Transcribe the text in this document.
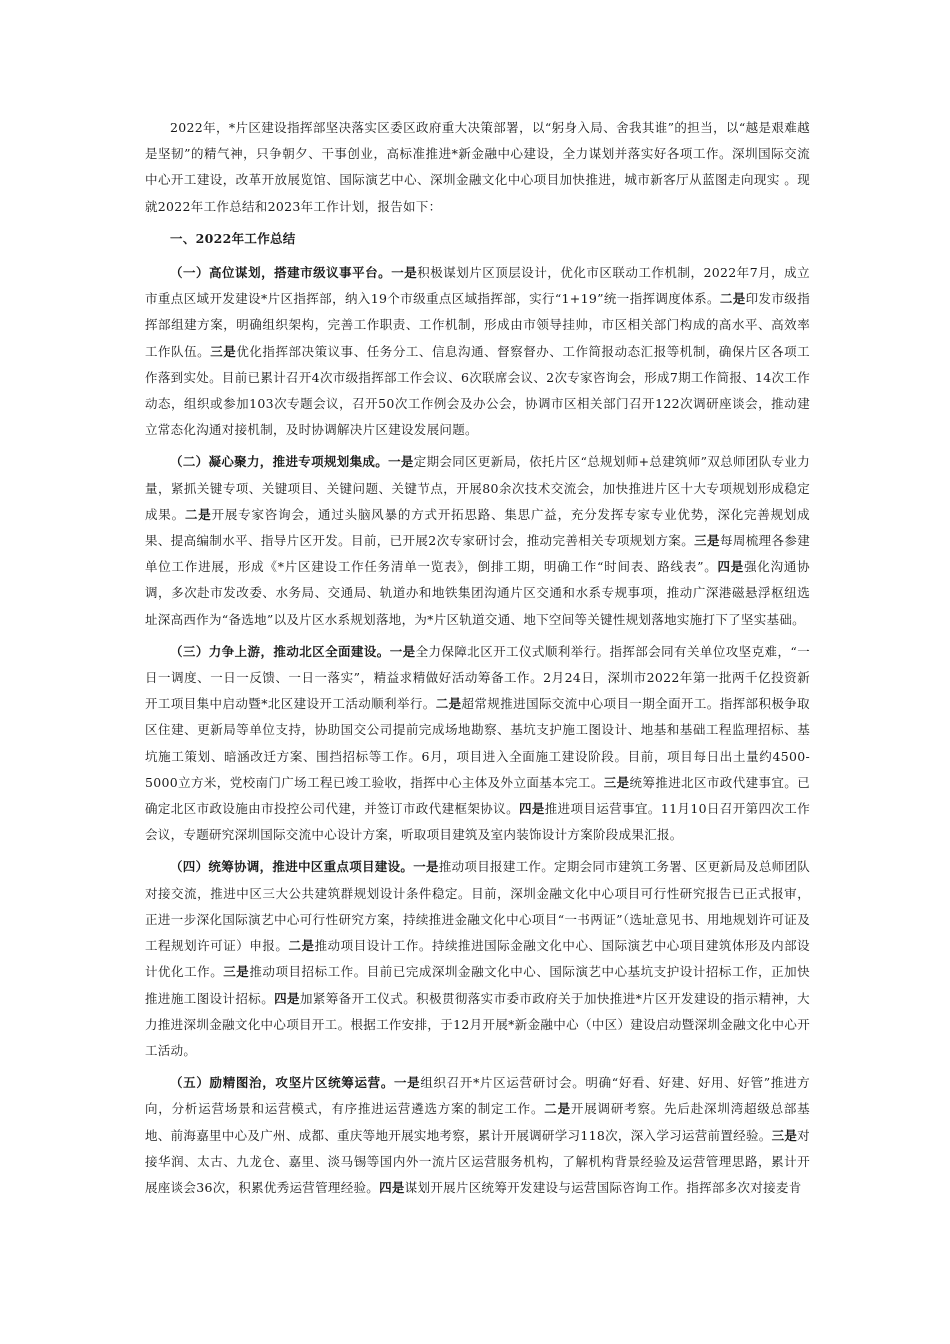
2022年，*片区建设指挥部坚决落实区委区政府重大决策部署，以“躬身入局、舍我其谁”的担当，以“越是艰难越是坚韧”的精气神，只争朝夕、干事创业，高标准推进*新金融中心建设，全力谋划并落实好各项工作。深圳国际交流中心开工建设，改革开放展览馆、国际演艺中心、深圳金融文化中心项目加快推进，城市新客厅从蓝图走向现实 。现就2022年工作总结和2023年工作计划，报告如下：

一、2022年工作总结

（一）高位谋划，搭建市级议事平台。一是积极谋划片区顶层设计，优化市区联动工作机制，2022年7月，成立市重点区域开发建设*片区指挥部，纳入19个市级重点区域指挥部，实行“1+19”统一指挥调度体系。二是印发市级指挥部组建方案，明确组织架构，完善工作职责、工作机制，形成由市领导挂帅，市区相关部门构成的高水平、高效率工作队伍。三是优化指挥部决策议事、任务分工、信息沟通、督察督办、工作简报动态汇报等机制，确保片区各项工作落到实处。目前已累计召开4次市级指挥部工作会议、6次联席会议、2次专家咨询会，形成7期工作简报、14次工作动态，组织或参加103次专题会议，召开50次工作例会及办公会，协调市区相关部门召开122次调研座谈会，推动建立常态化沟通对接机制，及时协调解决片区建设发展问题。

（二）凝心聚力，推进专项规划集成。一是定期会同区更新局，依托片区“总规划师+总建筑师”双总师团队专业力量，紧抓关键专项、关键项目、关键问题、关键节点，开展80余次技术交流会，加快推进片区十大专项规划形成稳定成果。二是开展专家咨询会，通过头脑风暴的方式开拓思路、集思广益，充分发挥专家专业优势，深化完善规划成果、提高编制水平、指导片区开发。目前，已开展2次专家研讨会，推动完善相关专项规划方案。三是每周梳理各参建单位工作进展，形成《*片区建设工作任务清单一览表》，倒排工期，明确工作“时间表、路线表”。四是强化沟通协调，多次赴市发改委、水务局、交通局、轨道办和地铁集团沟通片区交通和水系专规事项，推动广深港磁悬浮枢纽选址深高西作为“备选地”以及片区水系规划落地，为*片区轨道交通、地下空间等关键性规划落地实施打下了坚实基础。

（三）力争上游，推动北区全面建设。一是全力保障北区开工仪式顺利举行。指挥部会同有关单位攻坚克难，“一日一调度、一日一反馈、一日一落实”，精益求精做好活动筹备工作。2月24日，深圳市2022年第一批两千亿投资新开工项目集中启动暨*北区建设开工活动顺利举行。二是超常规推进国际交流中心项目一期全面开工。指挥部积极争取区住建、更新局等单位支持，协助国交公司提前完成场地勘察、基坑支护施工图设计、地基和基础工程监理招标、基坑施工策划、暗涵改迁方案、围挡招标等工作。6月，项目进入全面施工建设阶段。目前，项目每日出土量约4500-5000立方米，党校南门广场工程已竣工验收，指挥中心主体及外立面基本完工。三是统筹推进北区市政代建事宜。已确定北区市政设施由市投控公司代建，并签订市政代建框架协议。四是推进项目运营事宜。11月10日召开第四次工作会议，专题研究深圳国际交流中心设计方案，听取项目建筑及室内装饰设计方案阶段成果汇报。

（四）统筹协调，推进中区重点项目建设。一是推动项目报建工作。定期会同市建筑工务署、区更新局及总师团队对接交流，推进中区三大公共建筑群规划设计条件稳定。目前，深圳金融文化中心项目可行性研究报告已正式报审，正进一步深化国际演艺中心可行性研究方案，持续推进金融文化中心项目“一书两证”（选址意见书、用地规划许可证及工程规划许可证）申报。二是推动项目设计工作。持续推进国际金融文化中心、国际演艺中心项目建筑体形及内部设计优化工作。三是推动项目招标工作。目前已完成深圳金融文化中心、国际演艺中心基坑支护设计招标工作，正加快推进施工图设计招标。四是加紧筹备开工仪式。积极贯彻落实市委市政府关于加快推进*片区开发建设的指示精神，大力推进深圳金融文化中心项目开工。根据工作安排，于12月开展*新金融中心（中区）建设启动暨深圳金融文化中心开工活动。

（五）励精图治，攻坚片区统筹运营。一是组织召开*片区运营研讨会。明确“好看、好建、好用、好管”推进方向，分析运营场景和运营模式，有序推进运营遴选方案的制定工作。二是开展调研考察。先后赴深圳湾超级总部基地、前海嘉里中心及广州、成都、重庆等地开展实地考察，累计开展调研学习118次，深入学习运营前置经验。三是对接华润、太古、九龙仓、嘉里、淡马锡等国内外一流片区运营服务机构，了解机构背景经验及运营管理思路，累计开展座谈会36次，积累优秀运营管理经验。四是谋划开展片区统筹开发建设与运营国际咨询工作。指挥部多次对接麦肯
